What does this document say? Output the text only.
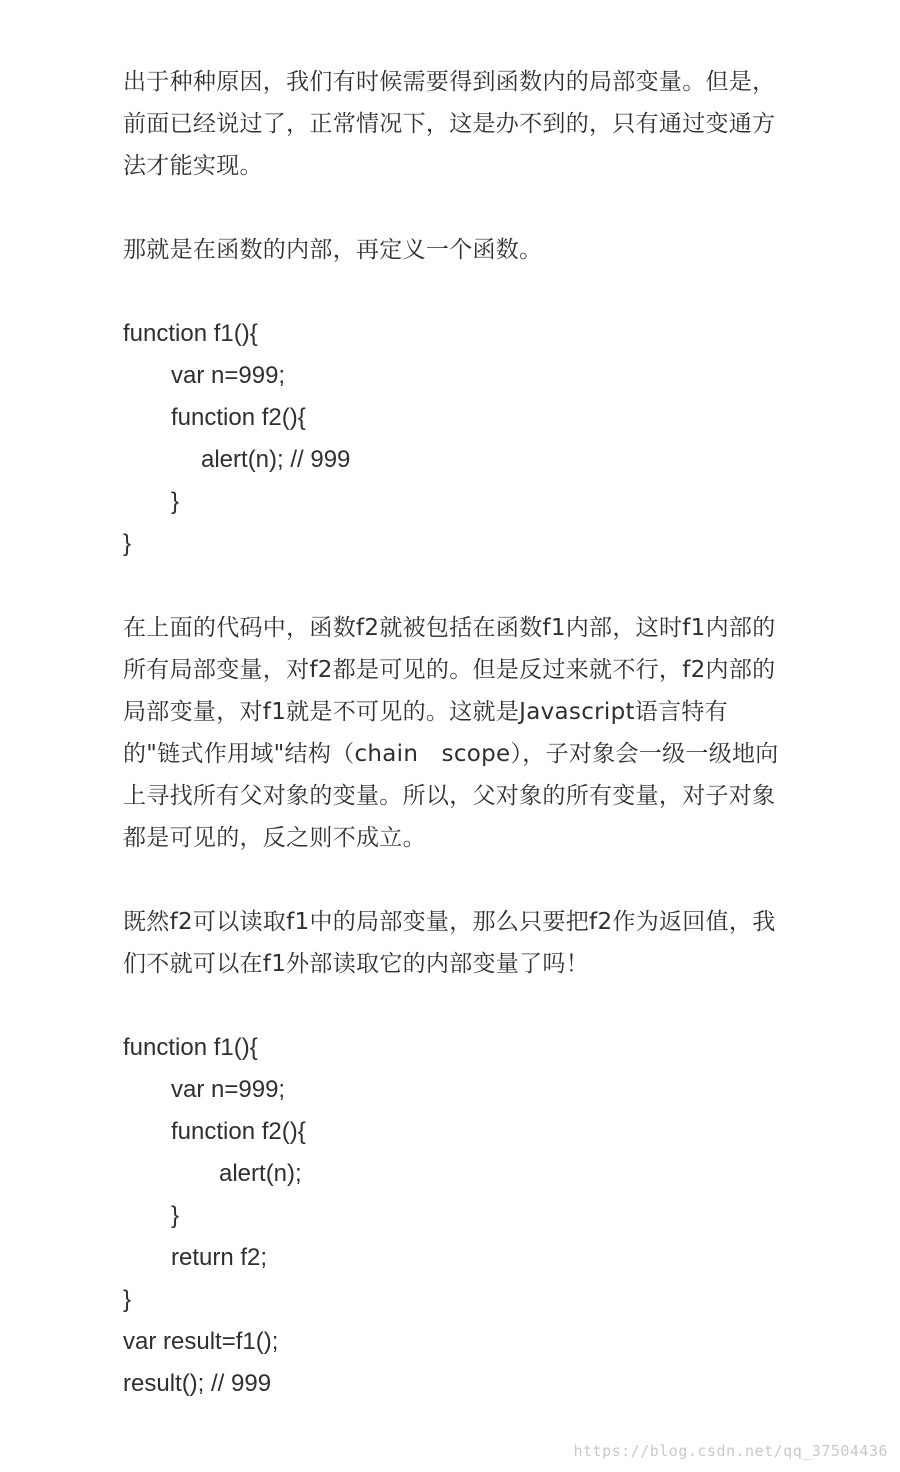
出于种种原因，我们有时候需要得到函数内的局部变量。但是，前面已经说过了，正常情况下，这是办不到的，只有通过变通方法才能实现。

那就是在函数的内部，再定义一个函数。

function f1(){
var n=999;
function f2(){
alert(n); // 999
}
}

在上面的代码中，函数f2就被包括在函数f1内部，这时f1内部的所有局部变量，对f2都是可见的。但是反过来就不行，f2内部的局部变量，对f1就是不可见的。这就是Javascript语言特有的"链式作用域"结构（chain　scope），子对象会一级一级地向上寻找所有父对象的变量。所以，父对象的所有变量，对子对象都是可见的，反之则不成立。

既然f2可以读取f1中的局部变量，那么只要把f2作为返回值，我们不就可以在f1外部读取它的内部变量了吗！

function f1(){
var n=999;
function f2(){
alert(n);
}
return f2;
}
var result=f1();
result(); // 999
https://blog.csdn.net/qq_37504436
